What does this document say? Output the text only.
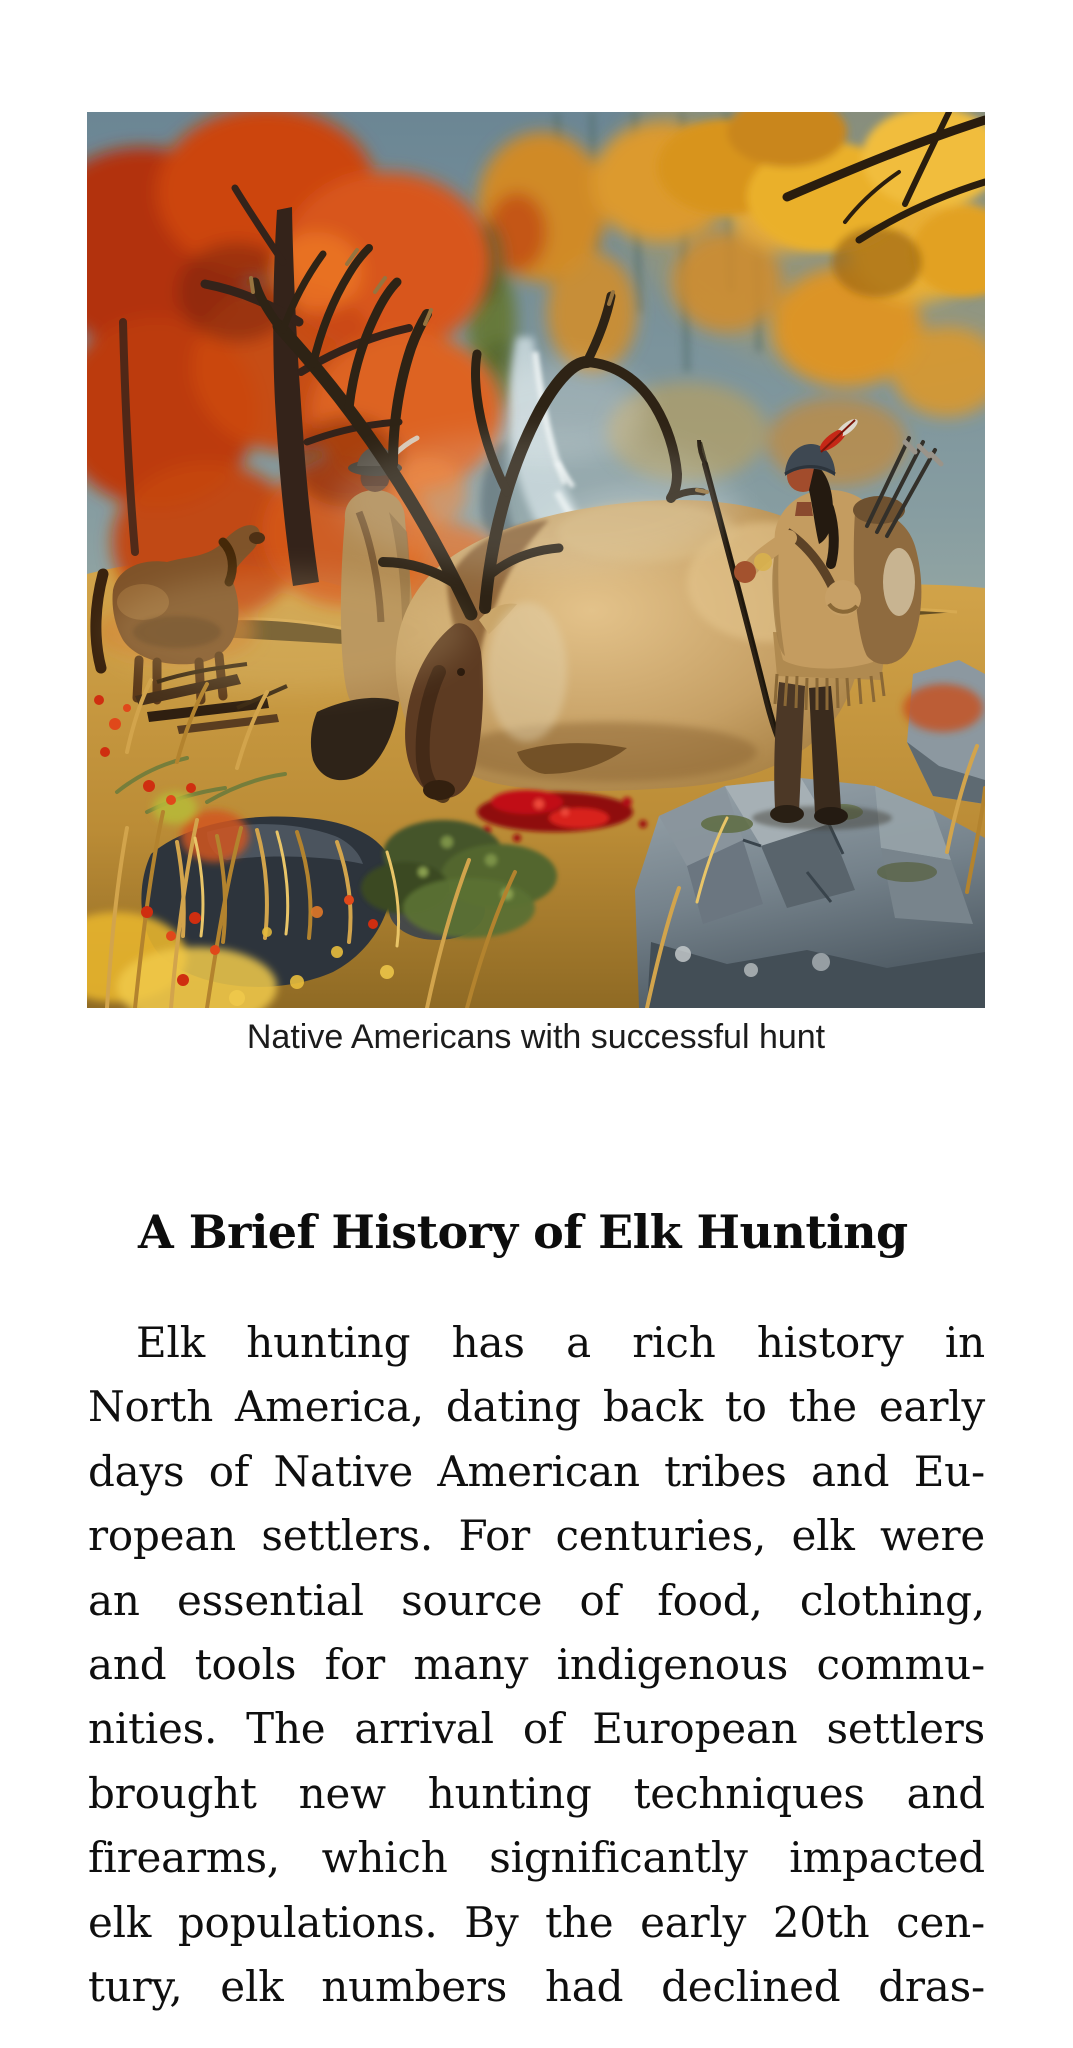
Native Americans with successful hunt
A Brief History of Elk Hunting
Elk hunting has a rich history in
North America, dating back to the early
days of Native American tribes and Eu-
ropean settlers. For centuries, elk were
an essential source of food, clothing,
and tools for many indigenous commu-
nities. The arrival of European settlers
brought new hunting techniques and
firearms, which significantly impacted
elk populations. By the early 20th cen-
tury, elk numbers had declined dras-
